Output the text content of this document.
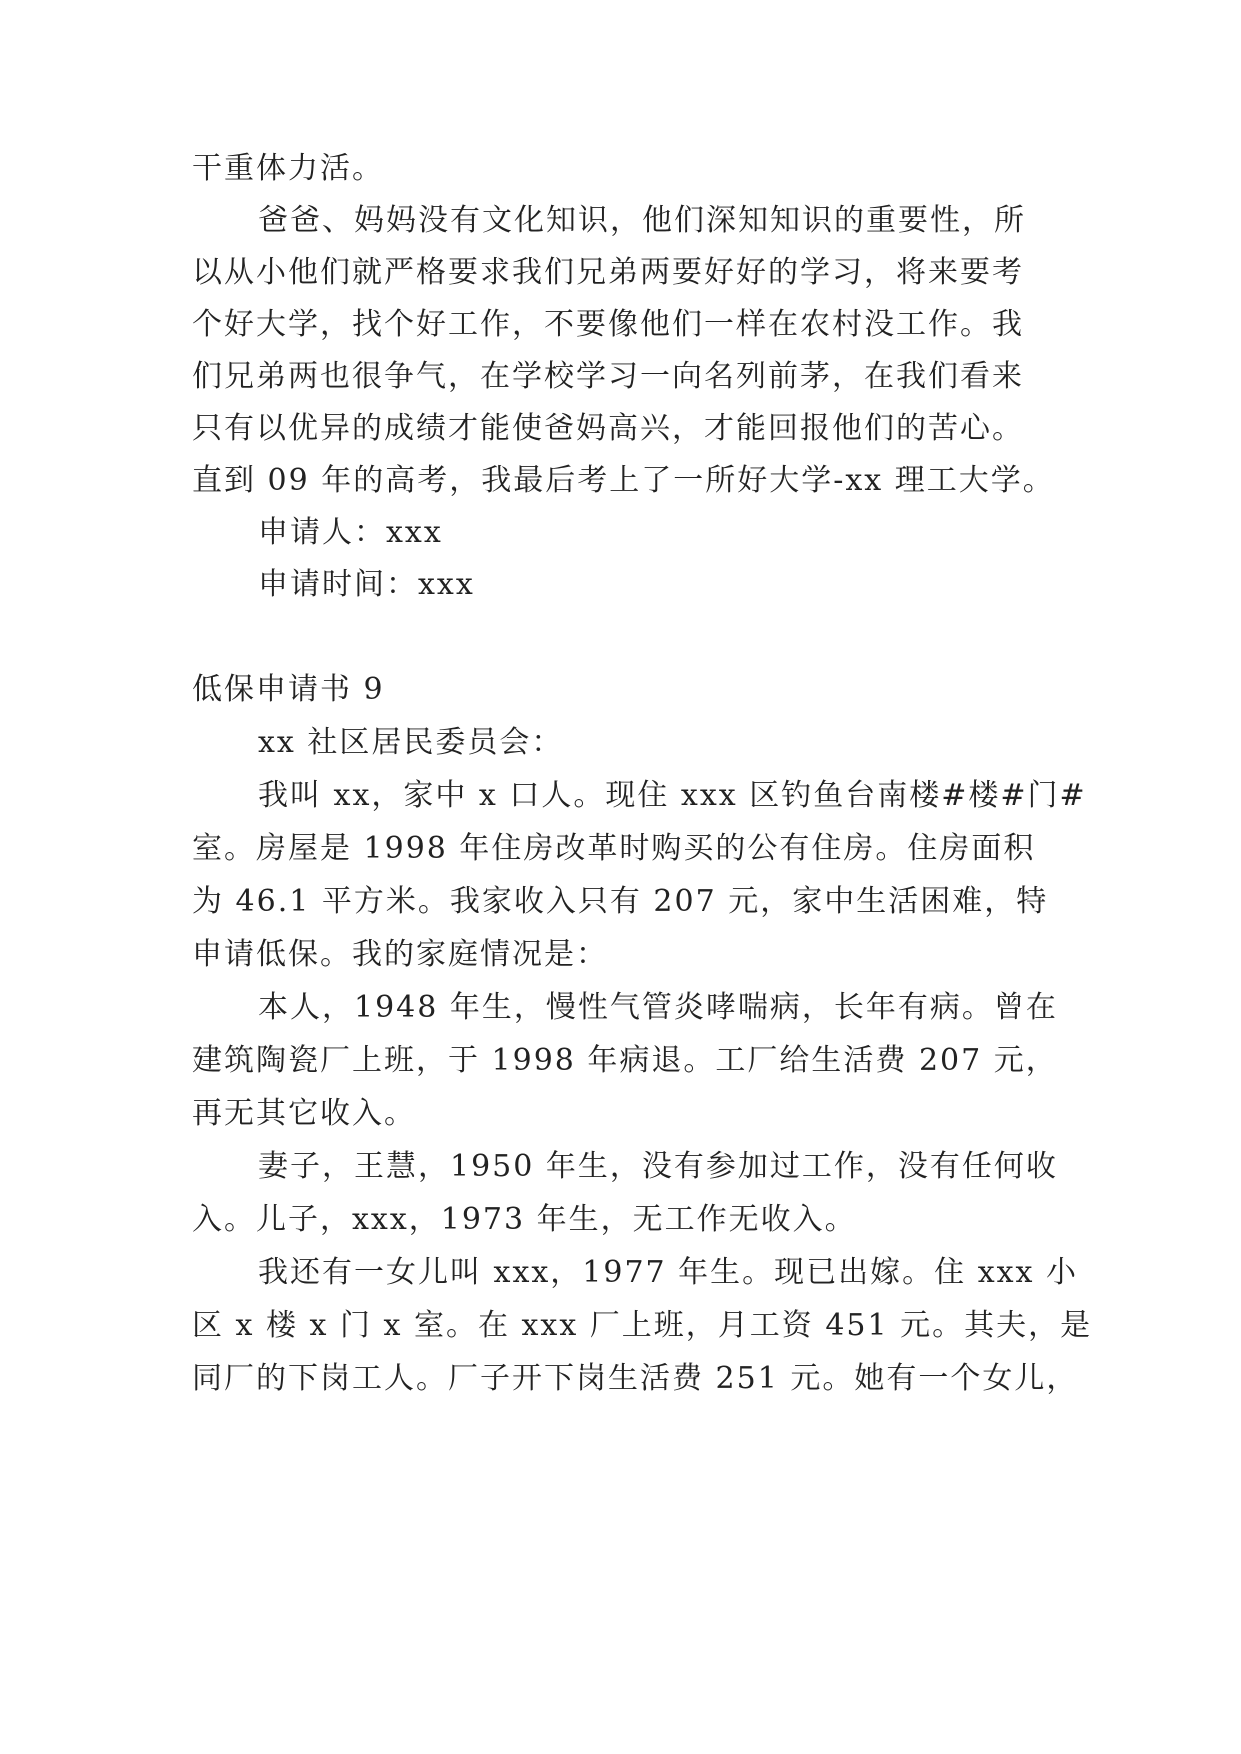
干重体力活。
爸爸、妈妈没有文化知识，他们深知知识的重要性，所
以从小他们就严格要求我们兄弟两要好好的学习，将来要考
个好大学，找个好工作，不要像他们一样在农村没工作。我
们兄弟两也很争气，在学校学习一向名列前茅，在我们看来
只有以优异的成绩才能使爸妈高兴，才能回报他们的苦心。
直到 09 年的高考，我最后考上了一所好大学-xx 理工大学。
申请人：xxx
申请时间：xxx
低保申请书 9
xx 社区居民委员会：
我叫 xx，家中 x 口人。现住 xxx 区钓鱼台南楼#楼#门#
室。房屋是 1998 年住房改革时购买的公有住房。住房面积
为 46.1 平方米。我家收入只有 207 元，家中生活困难，特
申请低保。我的家庭情况是：
本人，1948 年生，慢性气管炎哮喘病，长年有病。曾在
建筑陶瓷厂上班，于 1998 年病退。工厂给生活费 207 元，
再无其它收入。
妻子，王慧，1950 年生，没有参加过工作，没有任何收
入。儿子，xxx，1973 年生，无工作无收入。
我还有一女儿叫 xxx，1977 年生。现已出嫁。住 xxx 小
区 x 楼 x 门 x 室。在 xxx 厂上班，月工资 451 元。其夫，是
同厂的下岗工人。厂子开下岗生活费 251 元。她有一个女儿，
